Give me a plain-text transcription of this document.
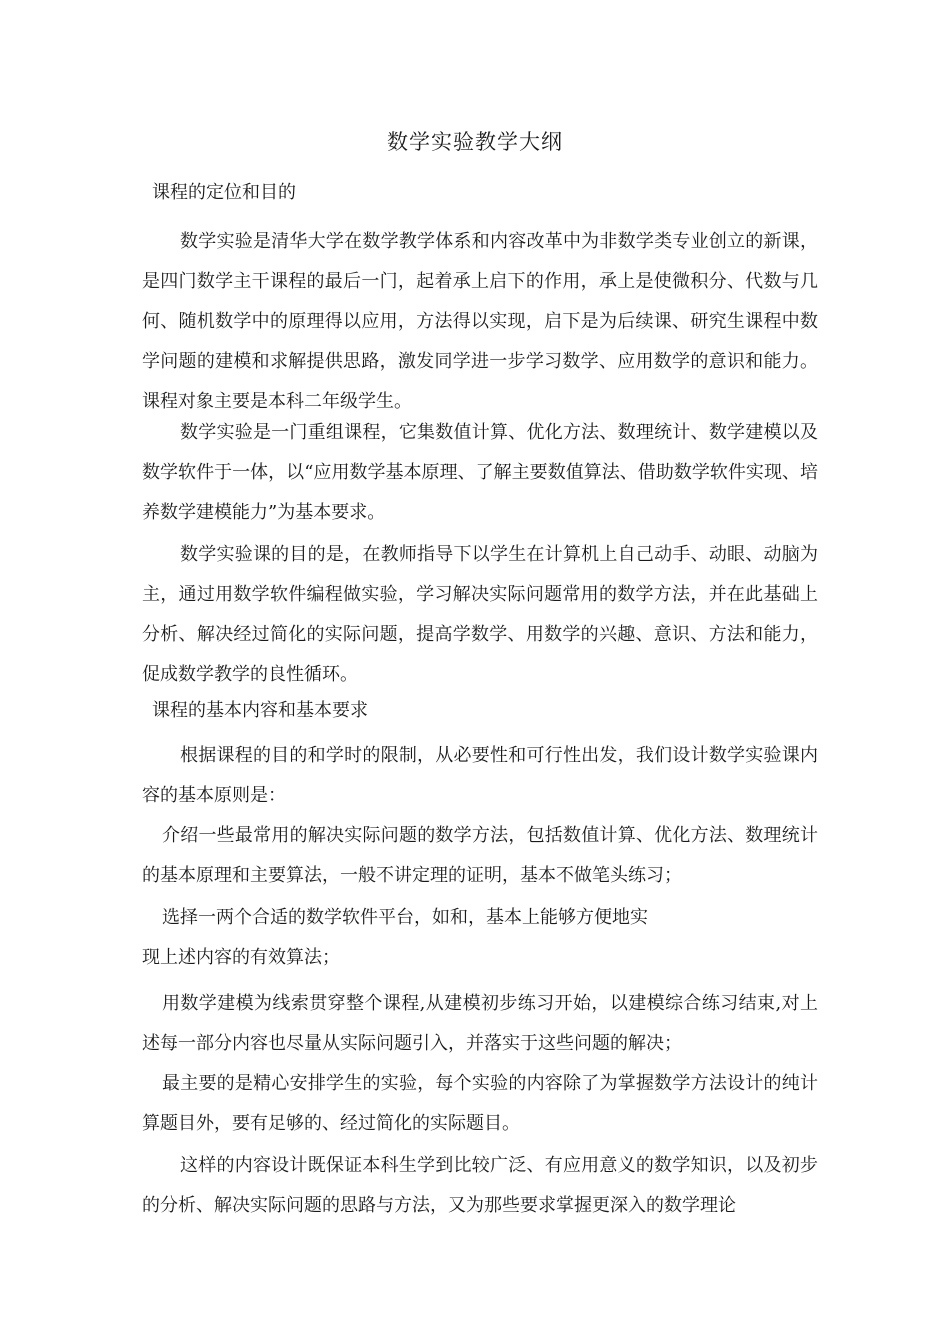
数学实验教学大纲
课程的定位和目的

数学实验是清华大学在数学教学体系和内容改革中为非数学类专业创立的新课，是四门数学主干课程的最后一门，起着承上启下的作用，承上是使微积分、代数与几何、随机数学中的原理得以应用，方法得以实现，启下是为后续课、研究生课程中数学问题的建模和求解提供思路，激发同学进一步学习数学、应用数学的意识和能力。课程对象主要是本科二年级学生。

数学实验是一门重组课程，它集数值计算、优化方法、数理统计、数学建模以及数学软件于一体，以“应用数学基本原理、了解主要数值算法、借助数学软件实现、培养数学建模能力”为基本要求。

数学实验课的目的是，在教师指导下以学生在计算机上自己动手、动眼、动脑为主，通过用数学软件编程做实验，学习解决实际问题常用的数学方法，并在此基础上分析、解决经过简化的实际问题，提高学数学、用数学的兴趣、意识、方法和能力，促成数学教学的良性循环。

课程的基本内容和基本要求

根据课程的目的和学时的限制，从必要性和可行性出发，我们设计数学实验课内容的基本原则是：

介绍一些最常用的解决实际问题的数学方法，包括数值计算、优化方法、数理统计的基本原理和主要算法，一般不讲定理的证明，基本不做笔头练习；

选择一两个合适的数学软件平台，如和，基本上能够方便地实

现上述内容的有效算法；

用数学建模为线索贯穿整个课程,从建模初步练习开始，以建模综合练习结束,对上述每一部分内容也尽量从实际问题引入，并落实于这些问题的解决；

最主要的是精心安排学生的实验，每个实验的内容除了为掌握数学方法设计的纯计算题目外，要有足够的、经过简化的实际题目。

这样的内容设计既保证本科生学到比较广泛、有应用意义的数学知识，以及初步的分析、解决实际问题的思路与方法，又为那些要求掌握更深入的数学理论
